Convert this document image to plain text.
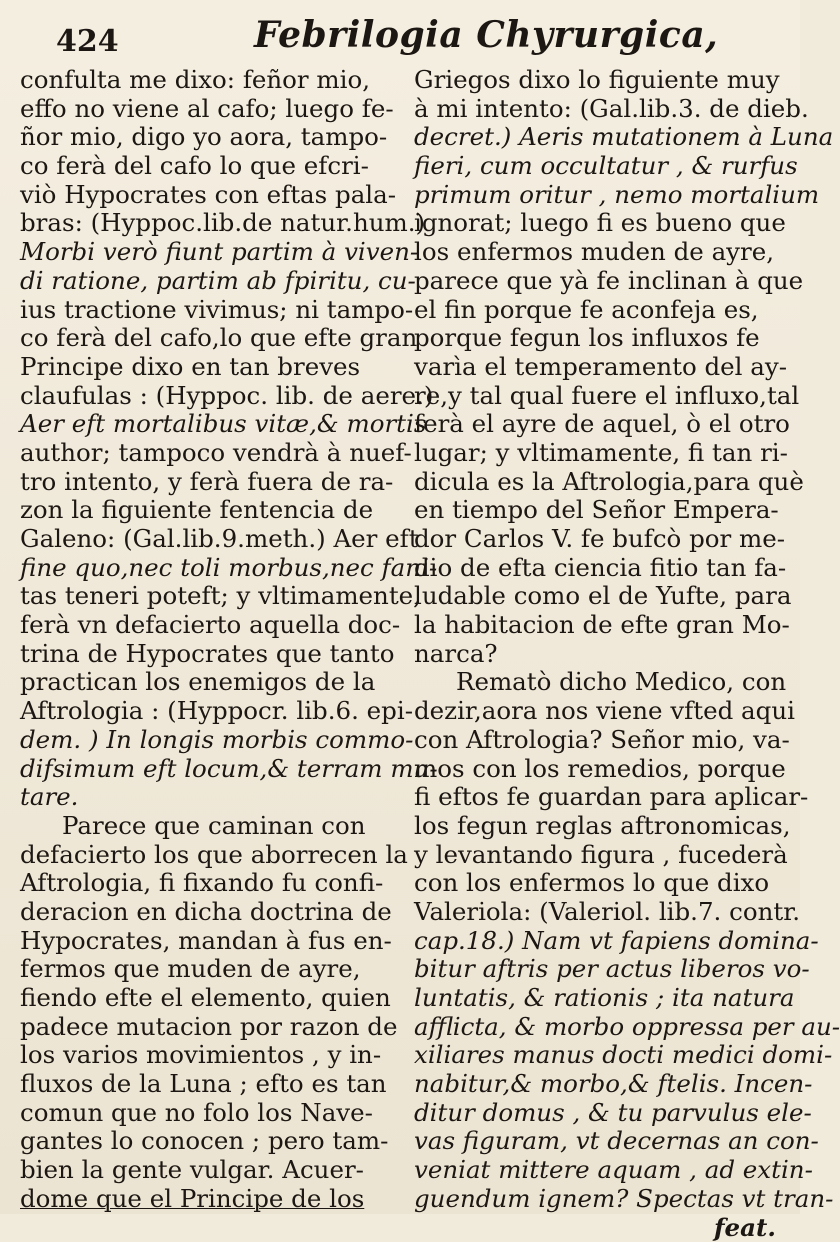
424	Febrilogia Chyrurgica,
confulta me dixo: feñor mio,
effo no viene al cafo; luego fe-
ñor mio, digo yo aora, tampo-
co ferà del cafo lo que efcri-
viò Hypocrates con eftas pala-
bras: (Hyppoc.lib.de natur.hum.)
Morbi verò fiunt partim à viven-
di ratione, partim ab fpiritu, cu-
ius tractione vivimus; ni tampo-
co ferà del cafo,lo que efte gran
Principe dixo en tan breves
claufulas : (Hyppoc. lib. de aere.)
Aer eft mortalibus vitæ,& mortis
author; tampoco vendrà à nuef-
tro intento, y ferà fuera de ra-
zon la figuiente fentencia de
Galeno: (Gal.lib.9.meth.) Aer eft
fine quo,nec toli morbus,nec fani-
tas teneri poteft; y vltimamente,
ferà vn defacierto aquella doc-
trina de Hypocrates que tanto
practican los enemigos de la
Aftrologia : (Hyppocr. lib.6. epi-
dem. ) In longis morbis commo-
difsimum eft locum,& terram mu-
tare.
Parece que caminan con
defacierto los que aborrecen la
Aftrologia, fi fixando fu confi-
deracion en dicha doctrina de
Hypocrates, mandan à fus en-
fermos que muden de ayre,
fiendo efte el elemento, quien
padece mutacion por razon de
los varios movimientos , y in-
fluxos de la Luna ; efto es tan
comun que no folo los Nave-
gantes lo conocen ; pero tam-
bien la gente vulgar. Acuer-
dome que el Principe de los
Griegos dixo lo figuiente muy
à mi intento: (Gal.lib.3. de dieb.
decret.) Aeris mutationem à Luna
fieri, cum occultatur , & rurfus
primum oritur , nemo mortalium
ignorat; luego fi es bueno que
los enfermos muden de ayre,
parece que yà fe inclinan à que
el fin porque fe aconfeja es,
porque fegun los influxos fe
varìa el temperamento del ay-
re,y tal qual fuere el influxo,tal
ferà el ayre de aquel, ò el otro
lugar; y vltimamente, fi tan ri-
dicula es la Aftrologia,para què
en tiempo del Señor Empera-
dor Carlos V. fe bufcò por me-
dio de efta ciencia fitio tan fa-
ludable como el de Yufte, para
la habitacion de efte gran Mo-
narca?
Rematò dicho Medico, con
dezir,aora nos viene vfted aqui
con Aftrologia? Señor mio, va-
mos con los remedios, porque
fi eftos fe guardan para aplicar-
los fegun reglas aftronomicas,
y levantando figura , fucederà
con los enfermos lo que dixo
Valeriola: (Valeriol. lib.7. contr.
cap.18.) Nam vt fapiens domina-
bitur aftris per actus liberos vo-
luntatis, & rationis ; ita natura
afflicta, & morbo oppressa per au-
xiliares manus docti medici domi-
nabitur,& morbo,& ftelis. Incen-
ditur domus , & tu parvulus ele-
vas figuram, vt decernas an con-
veniat mittere aquam , ad extin-
guendum ignem? Spectas vt tran-
feat.
